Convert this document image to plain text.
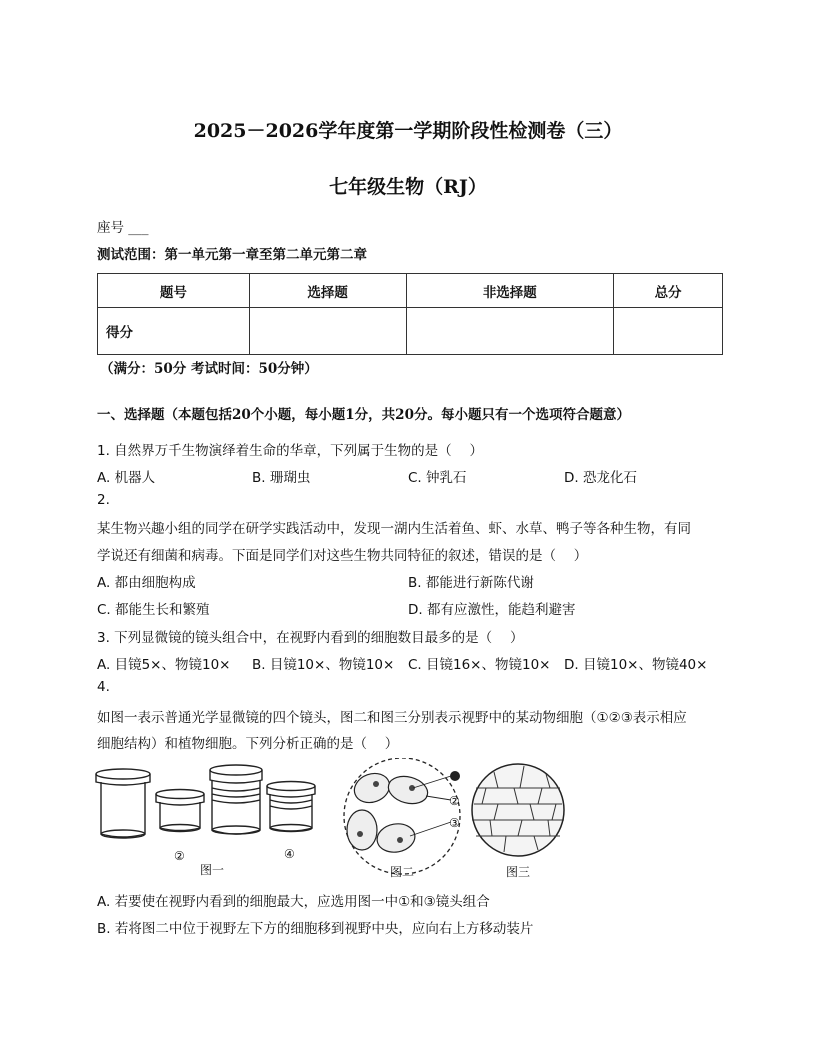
2025－2026学年度第一学期阶段性检测卷（三）
七年级生物（RJ）
座号 ___
测试范围：第一单元第一章至第二单元第二章
题号	选择题	非选择题	总分
得分			
（满分：50分 考试时间：50分钟）
一、选择题（本题包括20个小题，每小题1分，共20分。每小题只有一个选项符合题意）
1. 自然界万千生物演绎着生命的华章，下列属于生物的是（　 ）
A. 机器人	B. 珊瑚虫	C. 钟乳石	D. 恐龙化石
2.
某生物兴趣小组的同学在研学实践活动中，发现一湖内生活着鱼、虾、水草、鸭子等各种生物，有同
学说还有细菌和病毒。下面是同学们对这些生物共同特征的叙述，错误的是（　 ）
A. 都由细胞构成	B. 都能进行新陈代谢
C. 都能生长和繁殖	D. 都有应激性，能趋利避害
3. 下列显微镜的镜头组合中，在视野内看到的细胞数目最多的是（　 ）
A. 目镜5×、物镜10× B. 目镜10×、物镜10× C. 目镜16×、物镜10× D. 目镜10×、物镜40×
4.
如图一表示普通光学显微镜的四个镜头，图二和图三分别表示视野中的某动物细胞（①②③表示相应
细胞结构）和植物细胞。下列分析正确的是（　 ）
②	④
图一
②
③
图二	图三
A. 若要使在视野内看到的细胞最大，应选用图一中①和③镜头组合
B. 若将图二中位于视野左下方的细胞移到视野中央，应向右上方移动装片
